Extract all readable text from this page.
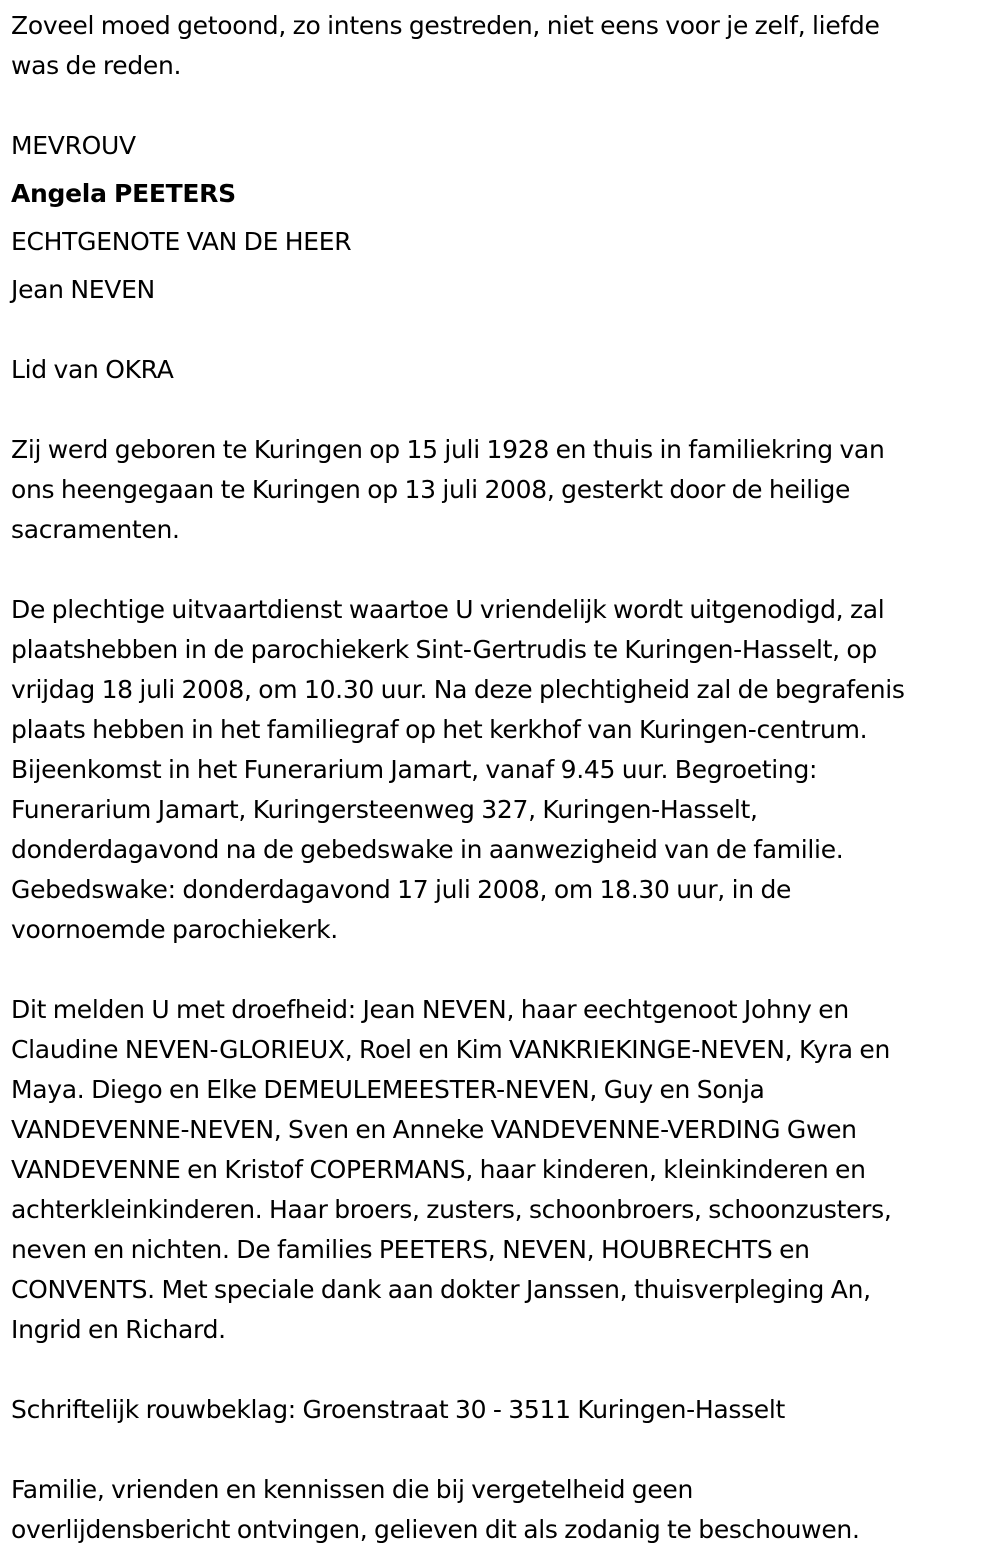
Zoveel moed getoond, zo intens gestreden, niet eens voor je zelf, liefde
was de reden.

MEVROUV

Angela PEETERS

ECHTGENOTE VAN DE HEER

Jean NEVEN

Lid van OKRA

Zij werd geboren te Kuringen op 15 juli 1928 en thuis in familiekring van
ons heengegaan te Kuringen op 13 juli 2008, gesterkt door de heilige
sacramenten.

De plechtige uitvaartdienst waartoe U vriendelijk wordt uitgenodigd, zal
plaatshebben in de parochiekerk Sint-Gertrudis te Kuringen-Hasselt, op
vrijdag 18 juli 2008, om 10.30 uur. Na deze plechtigheid zal de begrafenis
plaats hebben in het familiegraf op het kerkhof van Kuringen-centrum.
Bijeenkomst in het Funerarium Jamart, vanaf 9.45 uur. Begroeting:
Funerarium Jamart, Kuringersteenweg 327, Kuringen-Hasselt,
donderdagavond na de gebedswake in aanwezigheid van de familie.
Gebedswake: donderdagavond 17 juli 2008, om 18.30 uur, in de
voornoemde parochiekerk.

Dit melden U met droefheid: Jean NEVEN, haar eechtgenoot Johny en
Claudine NEVEN-GLORIEUX, Roel en Kim VANKRIEKINGE-NEVEN, Kyra en
Maya. Diego en Elke DEMEULEMEESTER-NEVEN, Guy en Sonja
VANDEVENNE-NEVEN, Sven en Anneke VANDEVENNE-VERDING Gwen
VANDEVENNE en Kristof COPERMANS, haar kinderen, kleinkinderen en
achterkleinkinderen. Haar broers, zusters, schoonbroers, schoonzusters,
neven en nichten. De families PEETERS, NEVEN, HOUBRECHTS en
CONVENTS. Met speciale dank aan dokter Janssen, thuisverpleging An,
Ingrid en Richard.

Schriftelijk rouwbeklag: Groenstraat 30 - 3511 Kuringen-Hasselt

Familie, vrienden en kennissen die bij vergetelheid geen
overlijdensbericht ontvingen, gelieven dit als zodanig te beschouwen.
